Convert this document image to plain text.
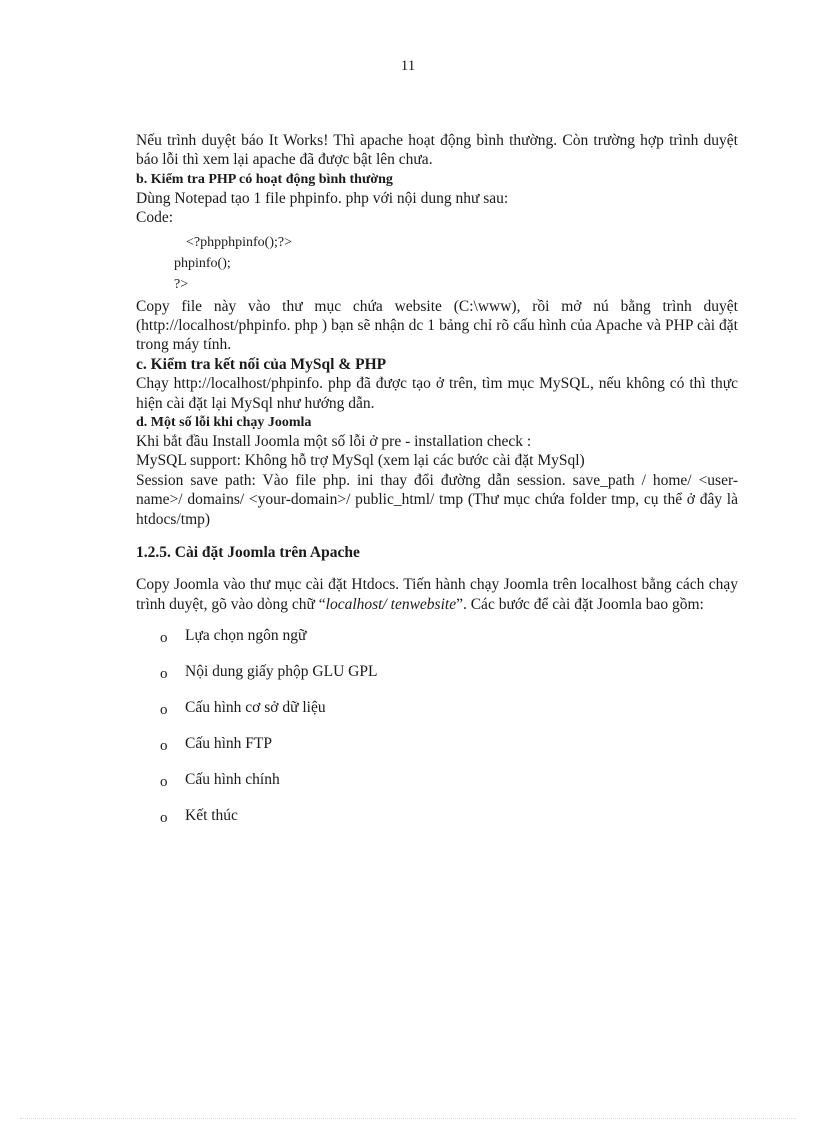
11

Nếu trình duyệt báo It Works! Thì apache hoạt động bình thường. Còn trường hợp trình duyệt báo lỗi thì xem lại apache đã được bật lên chưa.

b. Kiểm tra PHP có hoạt động bình thường

Dùng Notepad tạo 1 file phpinfo. php với nội dung như sau:

Code:

<?phpphpinfo();?>
phpinfo();
?>

Copy file này vào thư mục chứa website (C:\www), rồi mở nú bằng trình duyệt (http://localhost/phpinfo. php ) bạn sẽ nhận dc 1 bảng chỉ rõ cấu hình của Apache và PHP cài đặt trong máy tính.

c. Kiểm tra kết nối của MySql & PHP

Chạy http://localhost/phpinfo. php đã được tạo ở trên, tìm mục MySQL, nếu không có thì thực hiện cài đặt lại MySql như hướng dẫn.

d. Một số lỗi khi chạy Joomla

Khi bắt đầu Install Joomla một số lỗi ở pre - installation check :

MySQL support: Không hỗ trợ MySql (xem lại các bước cài đặt MySql)

Session save path: Vào file php. ini thay đổi đường dẫn session. save_path / home/ <user-name>/ domains/ <your-domain>/ public_html/ tmp (Thư mục chứa folder tmp, cụ thể ở đây là htdocs/tmp)

1.2.5. Cài đặt Joomla trên Apache

Copy Joomla vào thư mục cài đặt Htdocs. Tiến hành chạy Joomla trên localhost bằng cách chạy trình duyệt, gõ vào dòng chữ “localhost/ tenwebsite”. Các bước để cài đặt Joomla bao gồm:

o Lựa chọn ngôn ngữ
o Nội dung giấy phộp GLU GPL
o Cấu hình cơ sở dữ liệu
o Cấu hình FTP
o Cấu hình chính
o Kết thúc
